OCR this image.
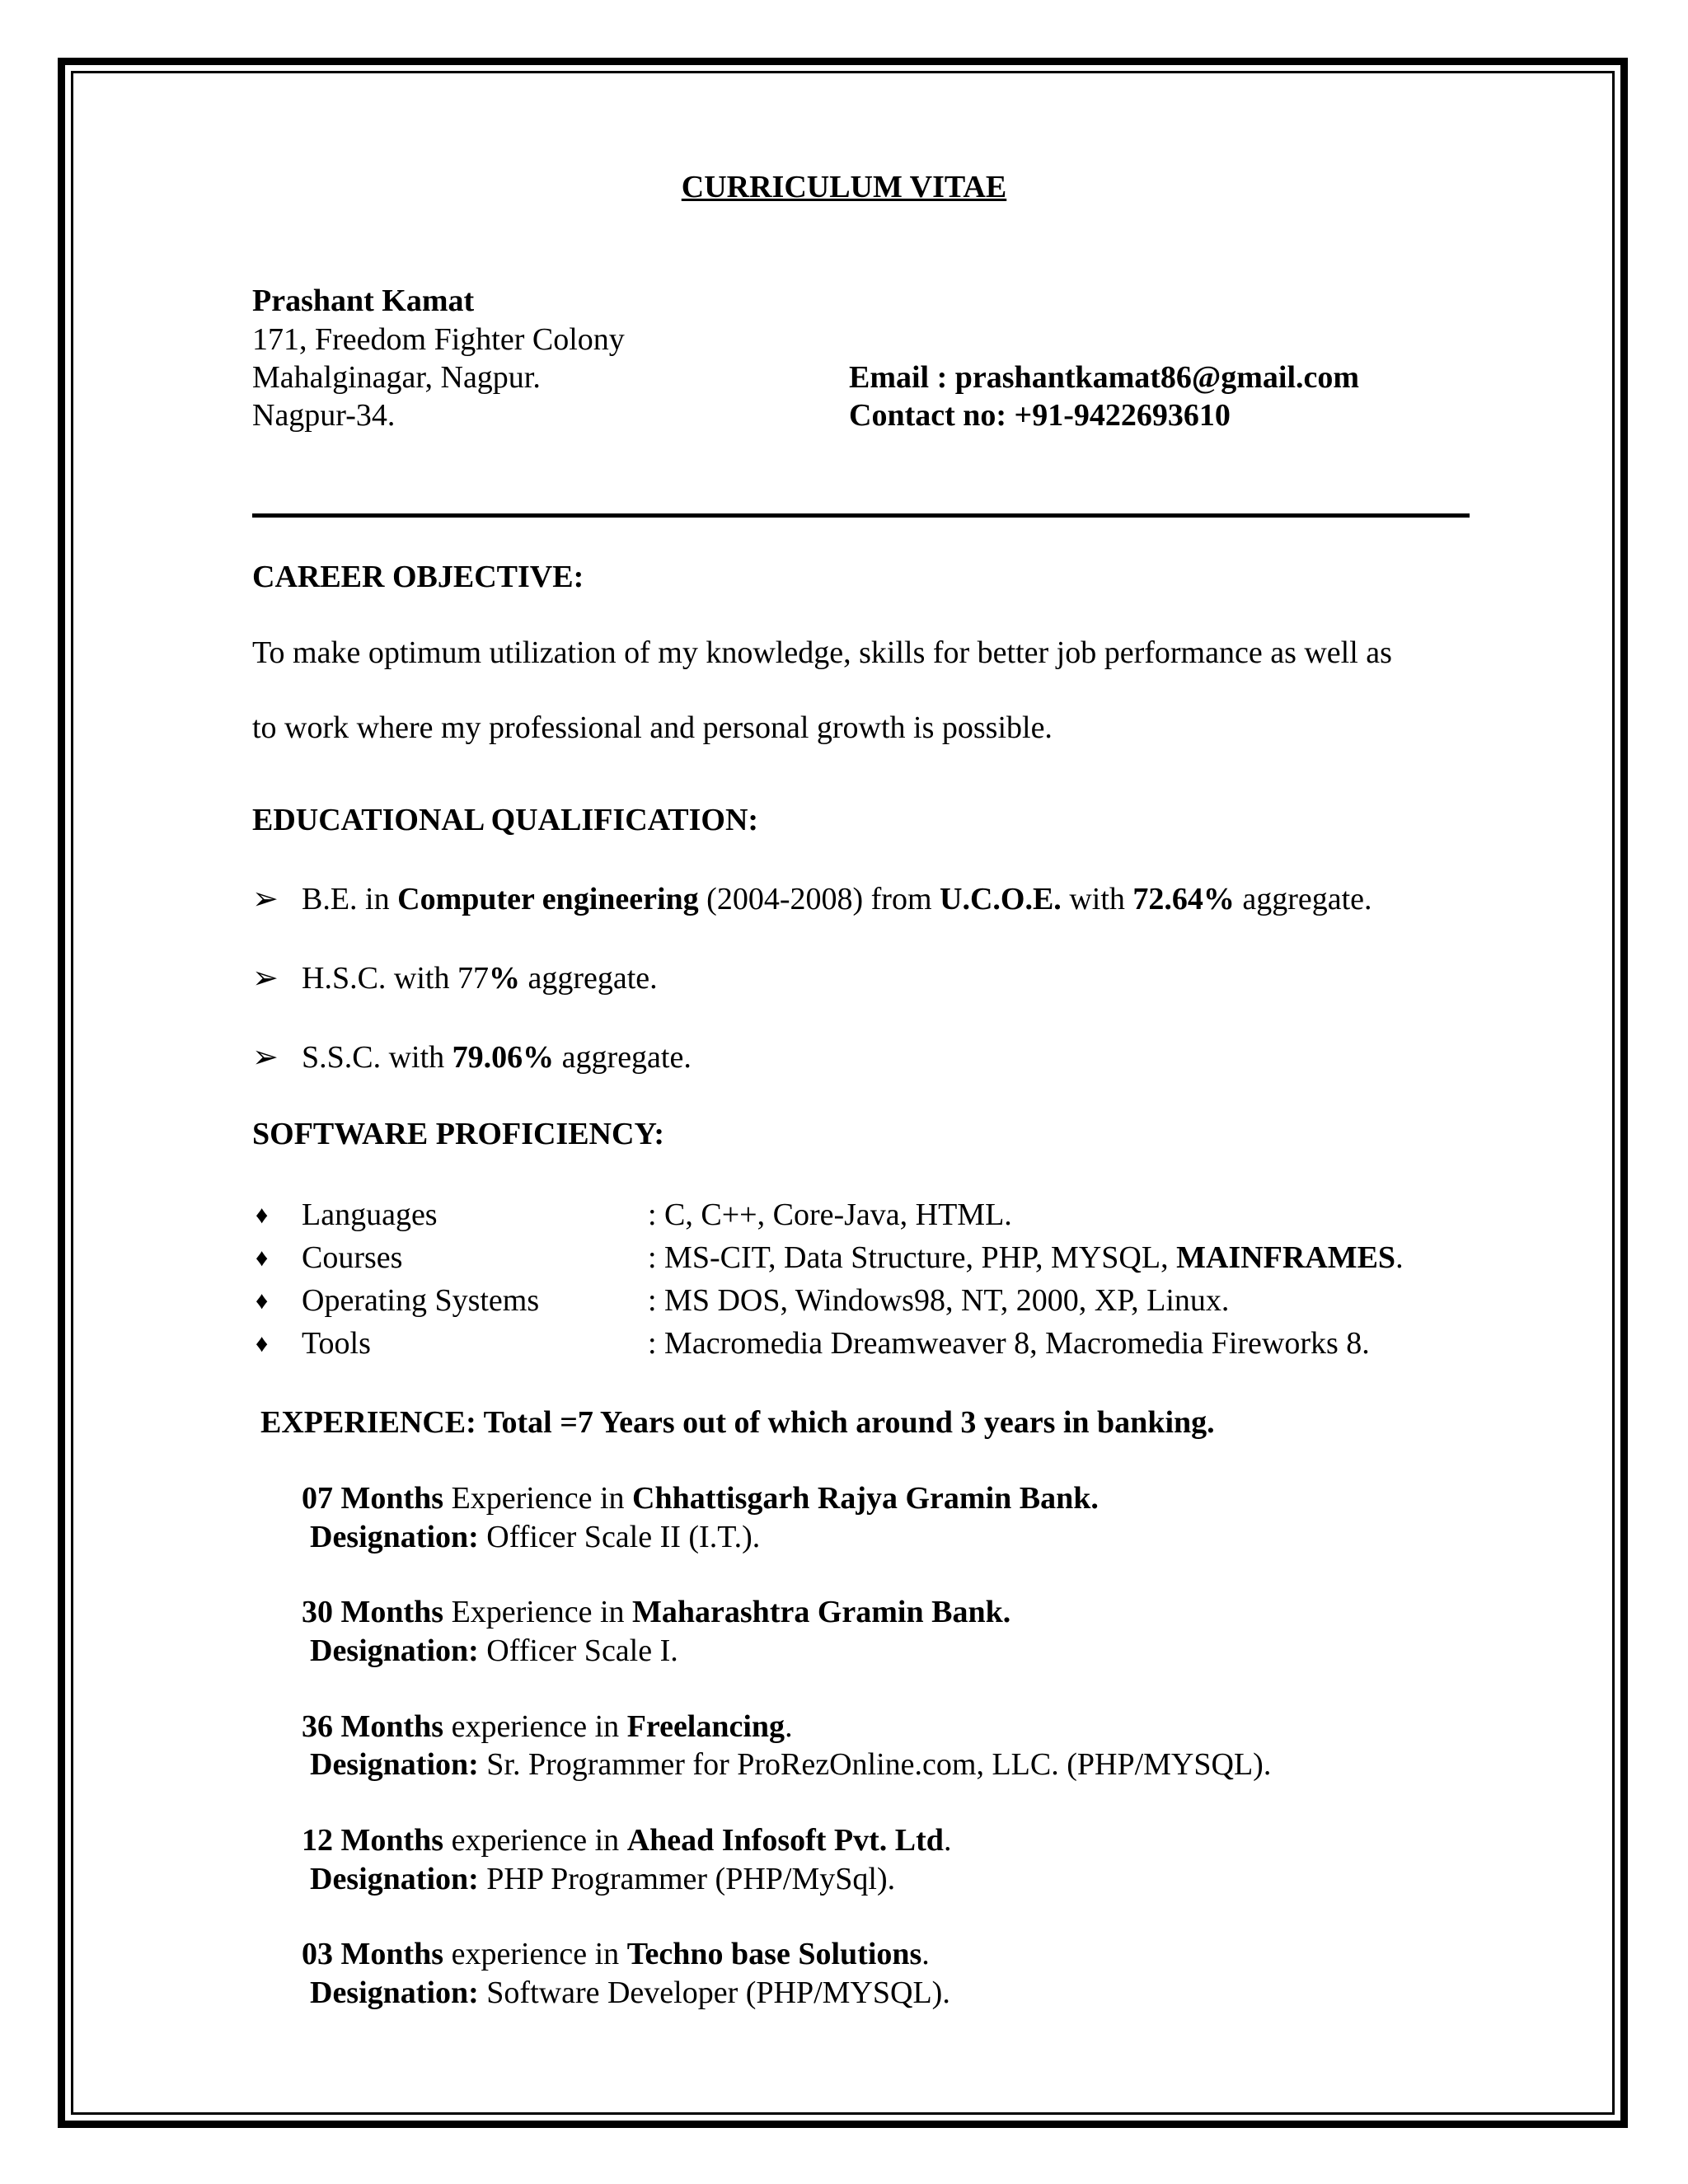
CURRICULUM VITAE
Prashant Kamat
171, Freedom Fighter Colony
Mahalginagar, Nagpur.
Nagpur-34.
Email : prashantkamat86@gmail.com
Contact no: +91-9422693610
CAREER OBJECTIVE:
To make optimum utilization of my knowledge, skills for better job performance as well as
to work where my professional and personal growth is possible.
EDUCATIONAL QUALIFICATION:
➢ B.E. in Computer engineering (2004-2008) from U.C.O.E. with 72.64% aggregate.
➢ H.S.C. with 77% aggregate.
➢ S.S.C. with 79.06% aggregate.
SOFTWARE PROFICIENCY:
♦ Languages	: C, C++, Core-Java, HTML.
♦ Courses	: MS-CIT, Data Structure, PHP, MYSQL, MAINFRAMES.
♦ Operating Systems	: MS DOS, Windows98, NT, 2000, XP, Linux.
♦ Tools	: Macromedia Dreamweaver 8, Macromedia Fireworks 8.
EXPERIENCE: Total =7 Years out of which around 3 years in banking.
07 Months Experience in Chhattisgarh Rajya Gramin Bank.
Designation: Officer Scale II (I.T.).
30 Months Experience in Maharashtra Gramin Bank.
Designation: Officer Scale I.
36 Months experience in Freelancing.
Designation: Sr. Programmer for ProRezOnline.com, LLC. (PHP/MYSQL).
12 Months experience in Ahead Infosoft Pvt. Ltd.
Designation: PHP Programmer (PHP/MySql).
03 Months experience in Techno base Solutions.
Designation: Software Developer (PHP/MYSQL).
